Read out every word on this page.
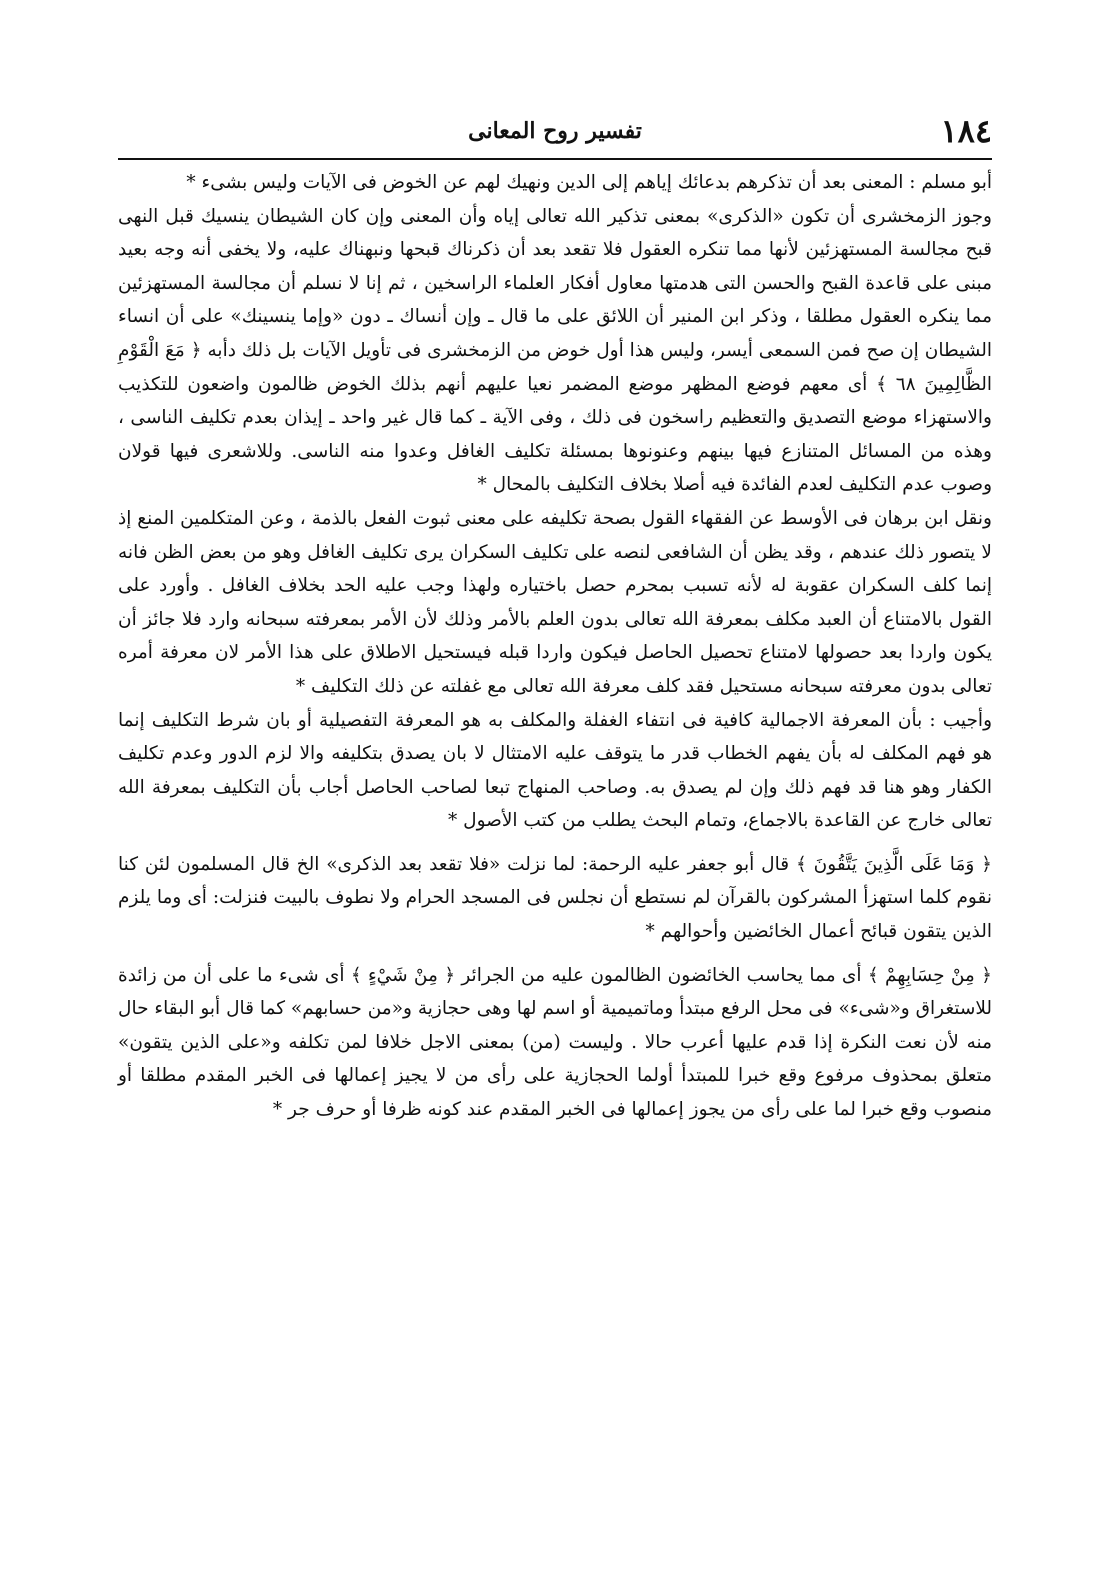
١٨٤
تفسير روح المعانى

أبو مسلم : المعنى بعد أن تذكرهم بدعائك إياهم إلى الدين ونهيك لهم عن الخوض فى الآيات وليس بشىء *

وجوز الزمخشرى أن تكون «الذكرى» بمعنى تذكير الله تعالى إياه وأن المعنى وإن كان الشيطان ينسيك قبل النهى قبح مجالسة المستهزئين لأنها مما تنكره العقول فلا تقعد بعد أن ذكرناك قبحها ونبهناك عليه، ولا يخفى أنه وجه بعيد مبنى على قاعدة القبح والحسن التى هدمتها معاول أفكار العلماء الراسخين ، ثم إنا لا نسلم أن مجالسة المستهزئين مما ينكره العقول مطلقا ، وذكر ابن المنير أن اللائق على ما قال ـ وإن أنساك ـ دون «وإما ينسينك» على أن انساء الشيطان إن صح فمن السمعى أيسر، وليس هذا أول خوض من الزمخشرى فى تأويل الآيات بل ذلك دأبه ﴿ مَعَ الْقَوْمِ الظَّالِمِينَ ٦٨ ﴾ أى معهم فوضع المظهر موضع المضمر نعيا عليهم أنهم بذلك الخوض ظالمون واضعون للتكذيب والاستهزاء موضع التصديق والتعظيم راسخون فى ذلك ، وفى الآية ـ كما قال غير واحد ـ إيذان بعدم تكليف الناسى ، وهذه من المسائل المتنازع فيها بينهم وعنونوها بمسئلة تكليف الغافل وعدوا منه الناسى. وللاشعرى فيها قولان وصوب عدم التكليف لعدم الفائدة فيه أصلا بخلاف التكليف بالمحال *

ونقل ابن برهان فى الأوسط عن الفقهاء القول بصحة تكليفه على معنى ثبوت الفعل بالذمة ، وعن المتكلمين المنع إذ لا يتصور ذلك عندهم ، وقد يظن أن الشافعى لنصه على تكليف السكران يرى تكليف الغافل وهو من بعض الظن فانه إنما كلف السكران عقوبة له لأنه تسبب بمحرم حصل باختياره ولهذا وجب عليه الحد بخلاف الغافل . وأورد على القول بالامتناع أن العبد مكلف بمعرفة الله تعالى بدون العلم بالأمر وذلك لأن الأمر بمعرفته سبحانه وارد فلا جائز أن يكون واردا بعد حصولها لامتناع تحصيل الحاصل فيكون واردا قبله فيستحيل الاطلاق على هذا الأمر لان معرفة أمره تعالى بدون معرفته سبحانه مستحيل فقد كلف معرفة الله تعالى مع غفلته عن ذلك التكليف *

وأجيب : بأن المعرفة الاجمالية كافية فى انتفاء الغفلة والمكلف به هو المعرفة التفصيلية أو بان شرط التكليف إنما هو فهم المكلف له بأن يفهم الخطاب قدر ما يتوقف عليه الامتثال لا بان يصدق بتكليفه والا لزم الدور وعدم تكليف الكفار وهو هنا قد فهم ذلك وإن لم يصدق به. وصاحب المنهاج تبعا لصاحب الحاصل أجاب بأن التكليف بمعرفة الله تعالى خارج عن القاعدة بالاجماع، وتمام البحث يطلب من كتب الأصول *

﴿ وَمَا عَلَى الَّذِينَ يَتَّقُونَ ﴾ قال أبو جعفر عليه الرحمة: لما نزلت «فلا تقعد بعد الذكرى» الخ قال المسلمون لئن كنا نقوم كلما استهزأ المشركون بالقرآن لم نستطع أن نجلس فى المسجد الحرام ولا نطوف بالبيت فنزلت: أى وما يلزم الذين يتقون قبائح أعمال الخائضين وأحوالهم *

﴿ مِنْ حِسَابِهِمْ ﴾ أى مما يحاسب الخائضون الظالمون عليه من الجرائر ﴿ مِنْ شَيْءٍ ﴾ أى شىء ما على أن من زائدة للاستغراق و«شىء» فى محل الرفع مبتدأ وماتميمية أو اسم لها وهى حجازية و«من حسابهم» كما قال أبو البقاء حال منه لأن نعت النكرة إذا قدم عليها أعرب حالا . وليست (من) بمعنى الاجل خلافا لمن تكلفه و«على الذين يتقون» متعلق بمحذوف مرفوع وقع خبرا للمبتدأ أولما الحجازية على رأى من لا يجيز إعمالها فى الخبر المقدم مطلقا أو منصوب وقع خبرا لما على رأى من يجوز إعمالها فى الخبر المقدم عند كونه ظرفا أو حرف جر *
